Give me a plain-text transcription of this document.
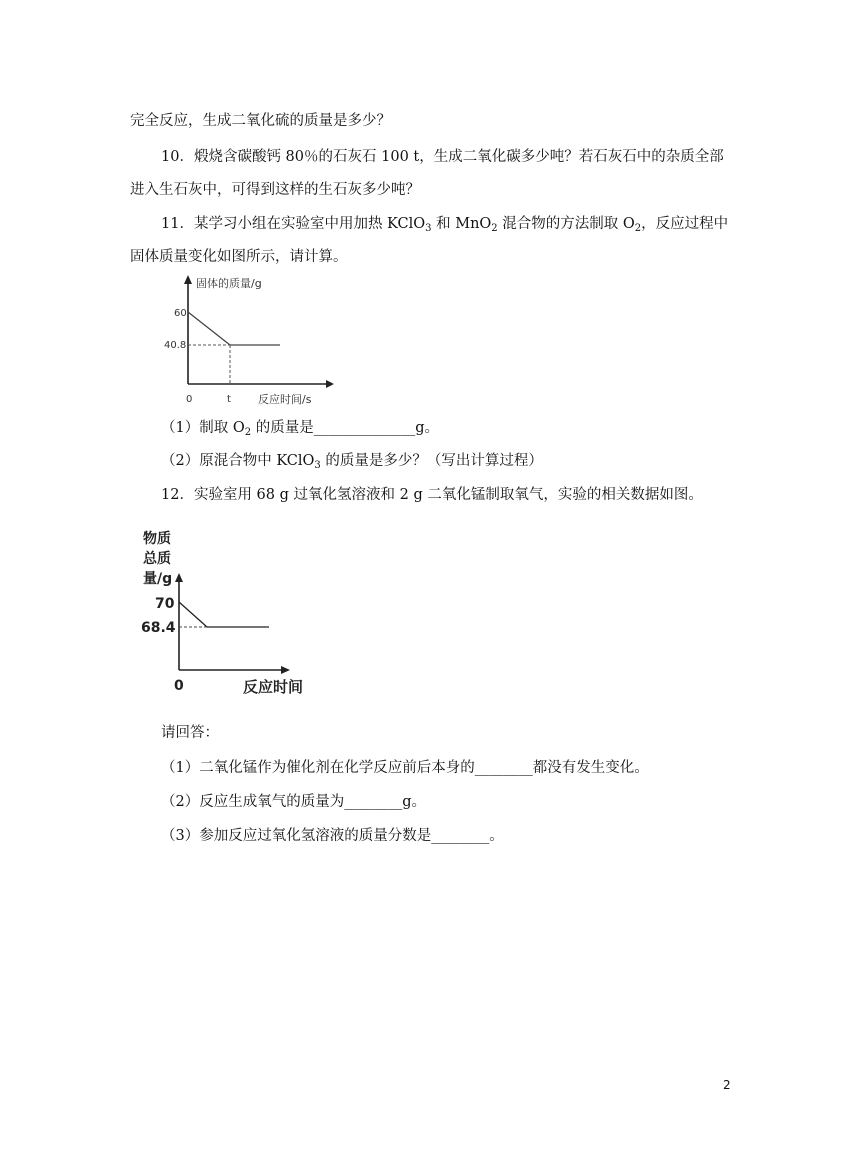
完全反应，生成二氧化硫的质量是多少？
10．煅烧含碳酸钙 80％的石灰石 100 t，生成二氧化碳多少吨？若石灰石中的杂质全部
进入生石灰中，可得到这样的生石灰多少吨？
11．某学习小组在实验室中用加热 KClO$_3$ 和 MnO$_2$ 混合物的方法制取 $O_2$，反应过程中
固体质量变化如图所示，请计算。
固体的质量/g
60
40.8
0	t 反应时间/s
（1）制取 $O_2$ 的质量是______________g。
（2）原混合物中 KClO$_3$ 的质量是多少？（写出计算过程）
12．实验室用 68 g 过氧化氢溶液和 2 g 二氧化锰制取氧气，实验的相关数据如图。
物质
总质
量/g
70
68.4
0	反应时间
请回答：
（1）二氧化锰作为催化剂在化学反应前后本身的________都没有发生变化。
（2）反应生成氧气的质量为________g。
（3）参加反应过氧化氢溶液的质量分数是________。
2
